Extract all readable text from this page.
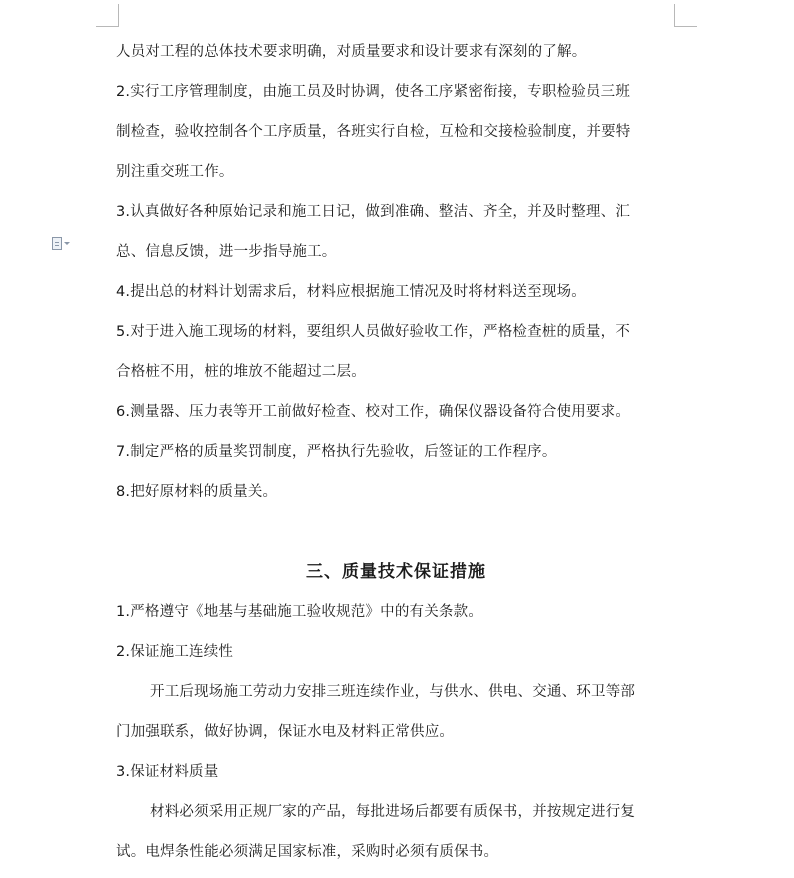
人员对工程的总体技术要求明确，对质量要求和设计要求有深刻的了解。

2.实行工序管理制度，由施工员及时协调，使各工序紧密衔接，专职检验员三班

制检查，验收控制各个工序质量，各班实行自检，互检和交接检验制度，并要特

别注重交班工作。

3.认真做好各种原始记录和施工日记，做到准确、整洁、齐全，并及时整理、汇

总、信息反馈，进一步指导施工。

4.提出总的材料计划需求后，材料应根据施工情况及时将材料送至现场。

5.对于进入施工现场的材料，要组织人员做好验收工作，严格检查桩的质量，不

合格桩不用，桩的堆放不能超过二层。

6.测量器、压力表等开工前做好检查、校对工作，确保仪器设备符合使用要求。

7.制定严格的质量奖罚制度，严格执行先验收，后签证的工作程序。

8.把好原材料的质量关。

三、质量技术保证措施

1.严格遵守《地基与基础施工验收规范》中的有关条款。

2.保证施工连续性

开工后现场施工劳动力安排三班连续作业，与供水、供电、交通、环卫等部

门加强联系，做好协调，保证水电及材料正常供应。

3.保证材料质量

材料必须采用正规厂家的产品，每批进场后都要有质保书，并按规定进行复

试。电焊条性能必须满足国家标准，采购时必须有质保书。
